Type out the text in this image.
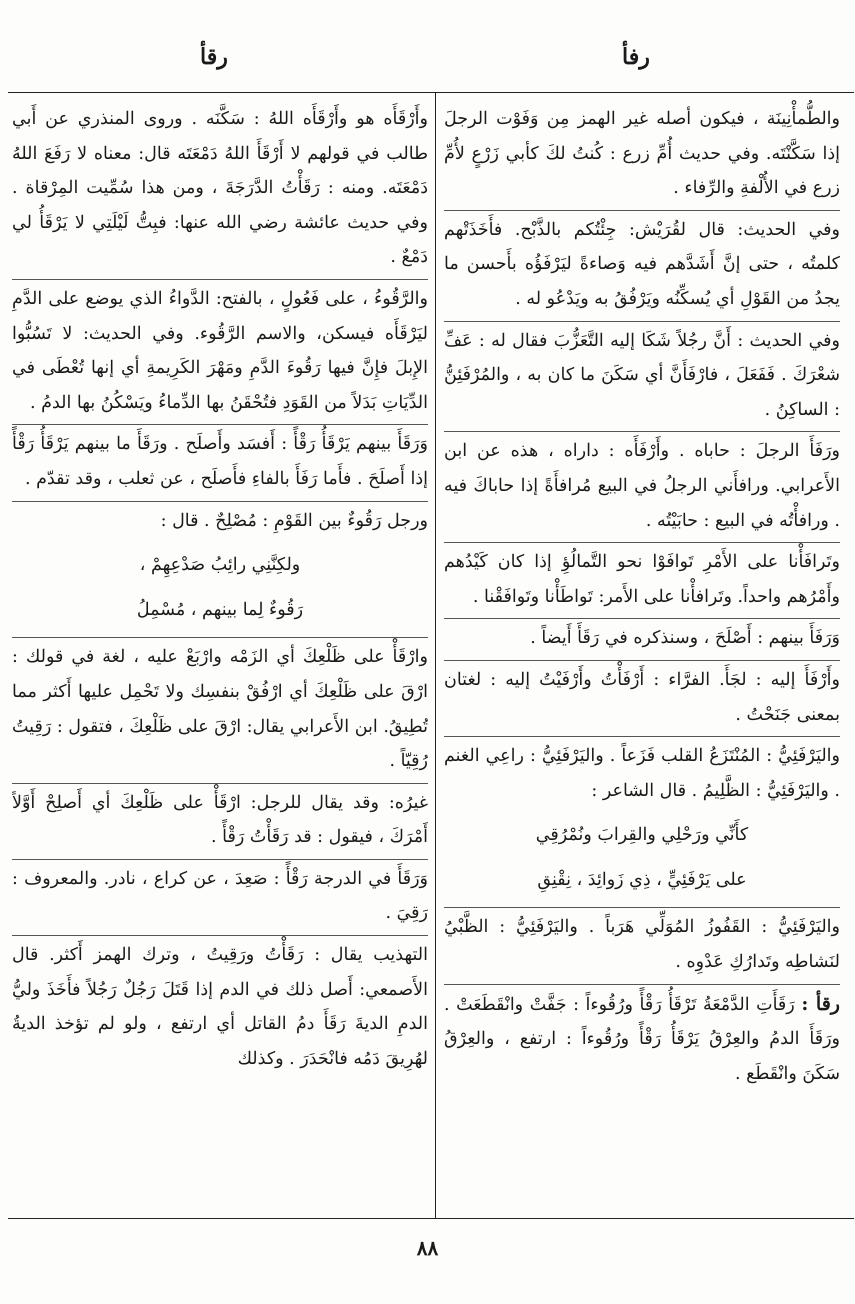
رفأ
رقأ

والطُّمأْنِينَة ، فيكون أصله غير الهمز مِن وَفَوْت الرجلَ إذا سَكَّنْتَه. وفي حديث أُمِّ زرع : كُنتُ لكَ كأبي زَرْعٍ لأُمِّ زرع في الأُلْفةِ والرِّفاء .

وفي الحديث: قال لقُرَيْش: جِئْتُكم بالذَّبْح. فأَخَذَتْهم كلمتُه ، حتى إنَّ أَشَدَّهم فيه وَصاءةً ليَرْفَؤُه بأَحسن ما يجدُ من القَوْلِ أي يُسكِّنُه ويَرْفُقُ به ويَدْعُو له .

وفي الحديث : أَنَّ رجُلاً شَكَا إليه التَّعَزُّبَ فقال له : عَفِّ شعْرَكَ . فَفَعَلَ ، فارْفَأَنَّ أي سَكَنَ ما كان به ، والمُرْفَئِنُّ : الساكِنُ .

ورَفَأَ الرجلَ : حاباه . وأَرْفَأَه : داراه ، هذه عن ابن الأَعرابي. ورافأَني الرجلُ في البيع مُرافأَةً إذا حاباكَ فيه . ورافأْتُه في البيع : حابَيْتُه .

وتَرافَأْنا على الأَمْرِ تَوافَوْا نحو التَّمالُؤِ إذا كان كَيْدُهم وأَمْرُهم واحداً. وتَرافأْنا على الأَمر: تَواطَأْنا وتَوافَقْنا .

وَرَفَأَ بينهم : أَصْلَحَ ، وسنذكره في رَقَأَ أَيضاً .

وأَرْفَأَ إليه : لجَأَ. الفرَّاء : أَرْفَأْتُ وأَرْفَيْتُ إليه : لغتان بمعنى جَنَحْتُ .

واليَرْفَئِيُّ : المُنْتَزَعُ القلب فَزَعاً . واليَرْفَئِيُّ : راعِي الغنم . واليَرْفَئِيُّ : الظَّلِيمُ . قال الشاعر :

كأَنِّي ورَحْلِي والقِرابَ ونُمْرُقِي

على يَرْفَئِيٍّ ، ذِي زَوائِدَ ، نِقْنِقِ

واليَرْفَئِيُّ : القَفُوزُ المُوَلِّي هَرَباً . واليَرْفَئِيُّ : الظَّبْيُ لنَشاطِه وتَدارُكِ عَدْوِه .

رقأ : رَقَأَتِ الدَّمْعَةُ تَرْقَأُ رَقْأً ورُقُوءاً : جَفَّتْ وانْقَطَعَتْ . ورَقَأَ الدمُ والعِرْقُ يَرْقَأُ رَقْأً ورُقُوءاً : ارتفع ، والعِرْقُ سَكَنَ وانْقَطَع .

وأَرْقَأَه هو وأَرْقَأَه اللهُ : سَكَّنَه . وروى المنذري عن أَبي طالب في قولهم لا أَرْقَأَ اللهُ دَمْعَتَه قال: معناه لا رَفَعَ اللهُ دَمْعَتَه. ومنه : رَقَأْتُ الدَّرَجَةَ ، ومن هذا سُمِّيت المِرْقاة . وفي حديث عائشة رضي الله عنها: فبِتُّ لَيْلَتِي لا يَرْقَأُ لي دَمْعٌ .

والرَّقُوءُ ، على فَعُولٍ ، بالفتح: الدَّواءُ الذي يوضع على الدَّمِ ليَرْقَأَه فيسكن، والاسم الرَّقُوء. وفي الحديث: لا تَسُبُّوا الإِبلَ فإِنَّ فيها رَقُوءَ الدَّمِ ومَهْرَ الكَرِيمةِ أي إنها تُعْطَى في الدِّيَاتِ بَدَلاً من القَوَدِ فتُحْقَنُ بها الدِّماءُ ويَسْكُنُ بها الدمُ .

وَرَقَأَ بينهم يَرْقَأُ رَقْأً : أَفسَد وأَصلَح . ورَقَأَ ما بينهم يَرْقَأُ رَقْأً إذا أَصلَحَ . فأَما رَفَأَ بالفاءِ فأَصلَح ، عن ثعلب ، وقد تقدّم .

ورجل رَقُوءٌ بين القَوْمِ : مُصْلِحٌ . قال :

ولكِنَّنِي رائِبُ صَدْعِهِمْ ،

رَقُوءٌ لِما بينهم ، مُسْمِلُ

وارْقَأْ على ظَلْعِكَ أي الزَمْه وارْبَعْ عليه ، لغة في قولك : ارْقَ على ظَلْعِكَ أي ارْفُقْ بنفسِك ولا تَحْمِل عليها أَكثر مما تُطِيقُ. ابن الأَعرابي يقال: ارْقَ على ظَلْعِكَ ، فتقول : رَقِيتُ رُقِيّاً .

غيرُه: وقد يقال للرجل: ارْقَأْ على ظَلْعِكَ أي أَصلِحْ أَوَّلاً أَمْرَكَ ، فيقول : قد رَقَأْتُ رَقْأً .

وَرَقَأَ في الدرجة رَقْأً : صَعِدَ ، عن كراع ، نادر. والمعروف : رَقِيَ .

التهذيب يقال : رَقَأْتُ ورَقِيتُ ، وترك الهمز أَكثر. قال الأَصمعي: أَصل ذلك في الدم إذا قَتَلَ رَجُلٌ رَجُلاً فأَخَذَ وليُّ الدمِ الديةَ رَقَأَ دمُ القاتل أي ارتفع ، ولو لم تؤخذ الديةُ لهُرِيقَ دَمُه فانْحَدَرَ . وكذلك

٨٨
